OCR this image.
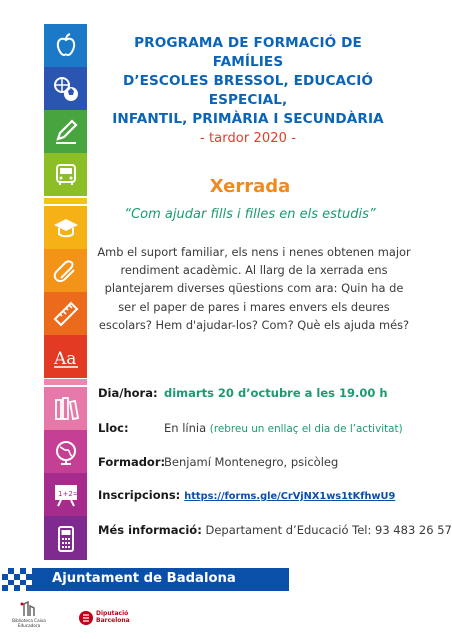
Aa
1+2=
PROGRAMA DE FORMACIÓ DE FAMÍLIES
D’ESCOLES BRESSOL, EDUCACIÓ ESPECIAL,
INFANTIL, PRIMÀRIA I SECUNDÀRIA
- tardor 2020 -
Xerrada
“Com ajudar fills i filles en els estudis”
Amb el suport familiar, els nens i nenes obtenen major rendiment acadèmic. Al llarg de la xerrada ens plantejarem diverses qüestions com ara: Quin ha de ser el paper de pares i mares envers els deures escolars? Hem d'ajudar-los? Com? Què els ajuda més?
Dia/hora: dimarts 20 d’octubre a les 19.00 h
Lloc:	En línia (rebreu un enllaç el dia de l’activitat)
Formador:
Benjamí Montenegro, psicòleg
Inscripcions: https://forms.gle/CrVjNX1ws1tKfhwU9
Més informació: Departament d’Educació Tel: 93 483 26 57
Ajuntament de Badalona
Biblioteca Caixa Educadora
Diputació Barcelona
